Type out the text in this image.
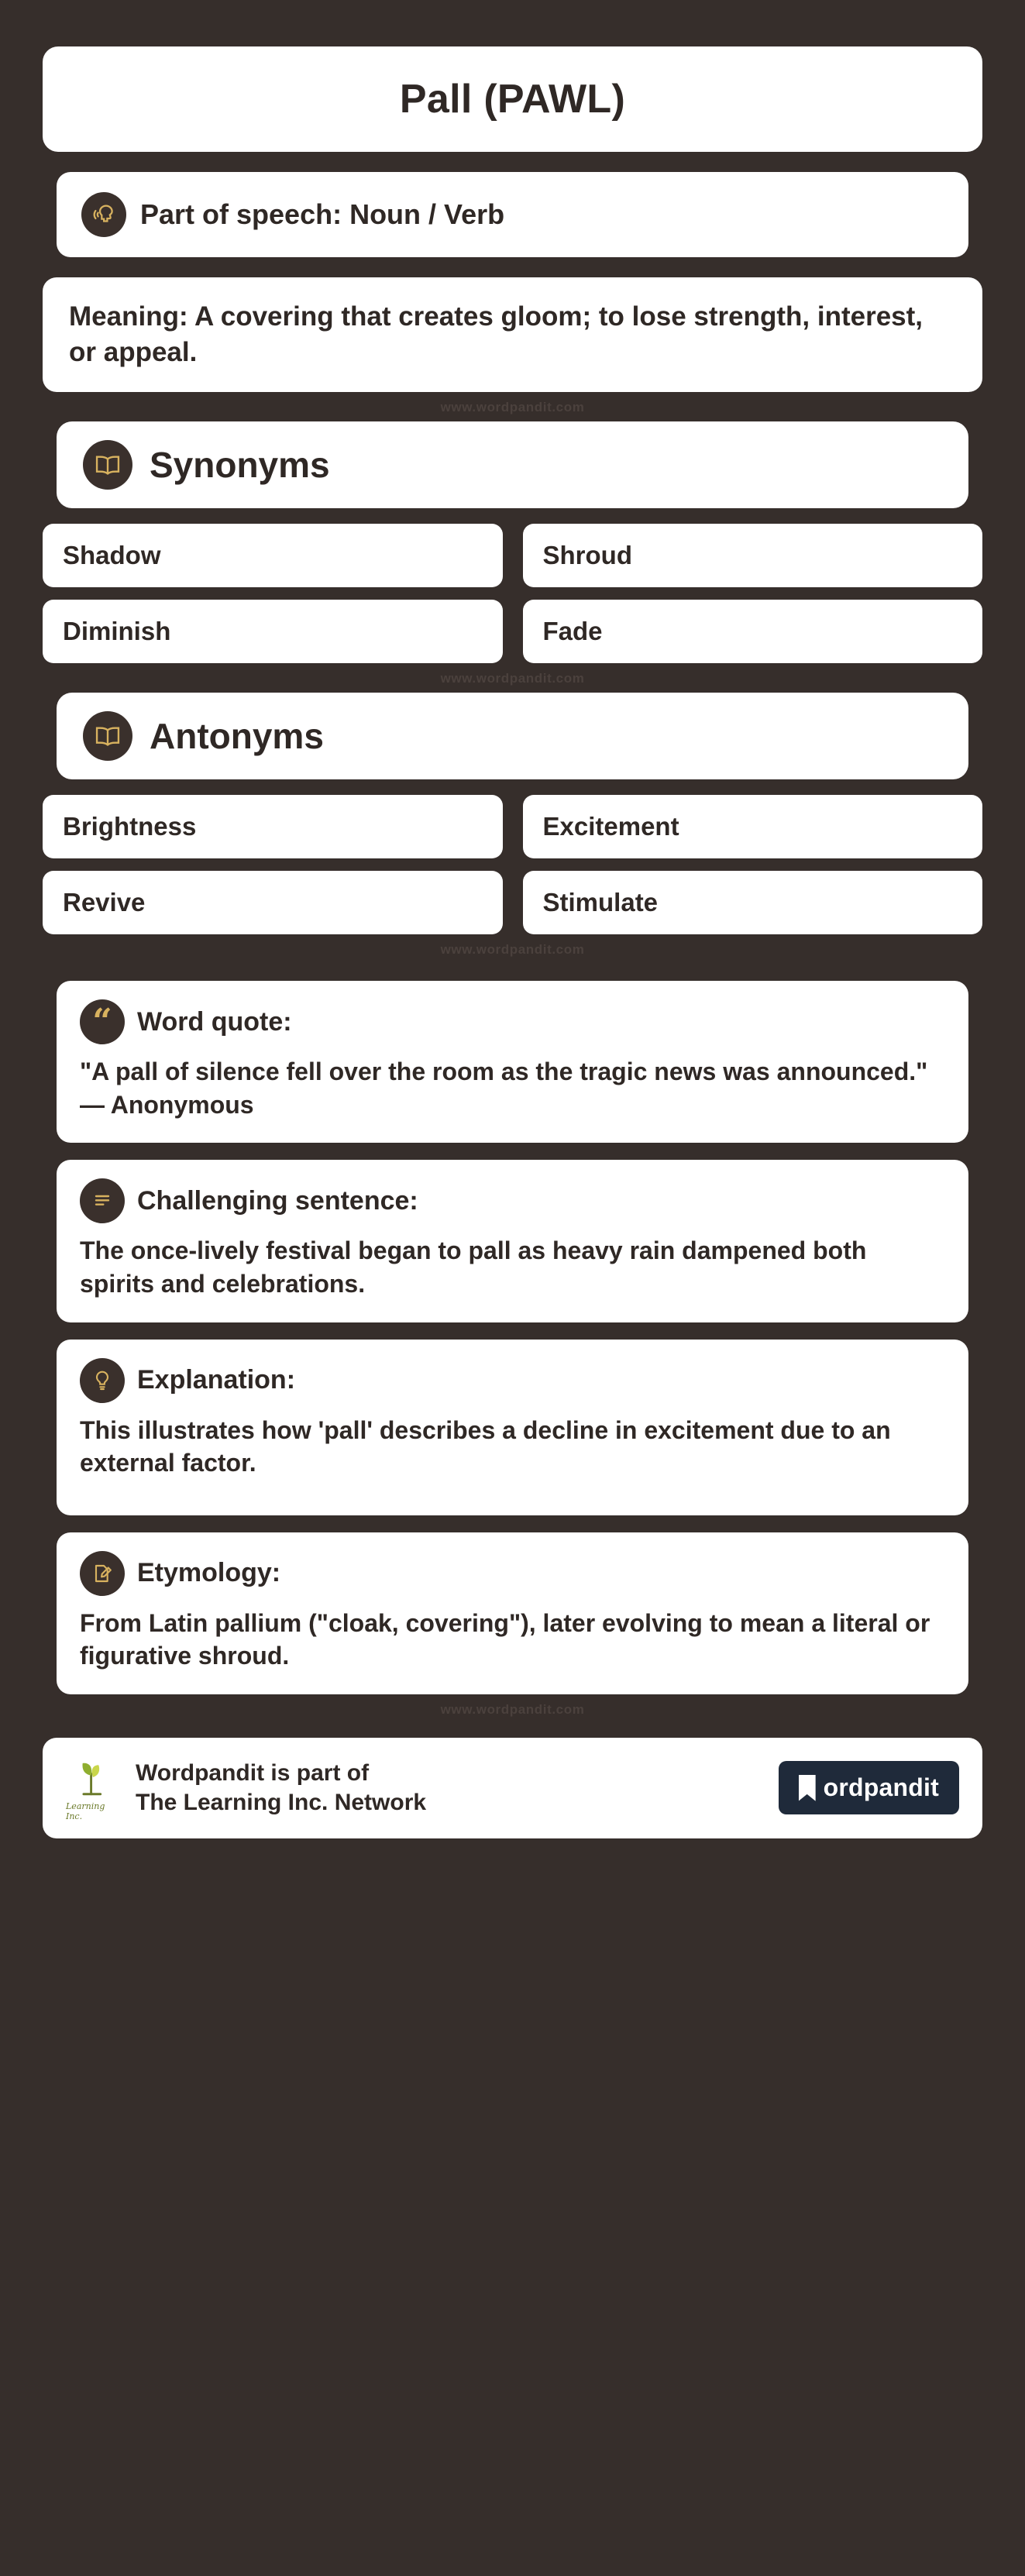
Pall (PAWL)
Part of speech: Noun / Verb
Meaning: A covering that creates gloom; to lose strength, interest, or appeal.
www.wordpandit.com
Synonyms
Shadow
Diminish
Shroud
Fade
www.wordpandit.com
Antonyms
Brightness
Revive
Excitement
Stimulate
www.wordpandit.com
“ Word quote:
"A pall of silence fell over the room as the tragic news was announced." — Anonymous
Challenging sentence:
The once-lively festival began to pall as heavy rain dampened both spirits and celebrations.
Explanation:
This illustrates how 'pall' describes a decline in excitement due to an external factor.
Etymology:
From Latin pallium ("cloak, covering"), later evolving to mean a literal or figurative shroud.
www.wordpandit.com
Learning Inc.
Wordpandit is part of
The Learning Inc. Network
ordpandit
